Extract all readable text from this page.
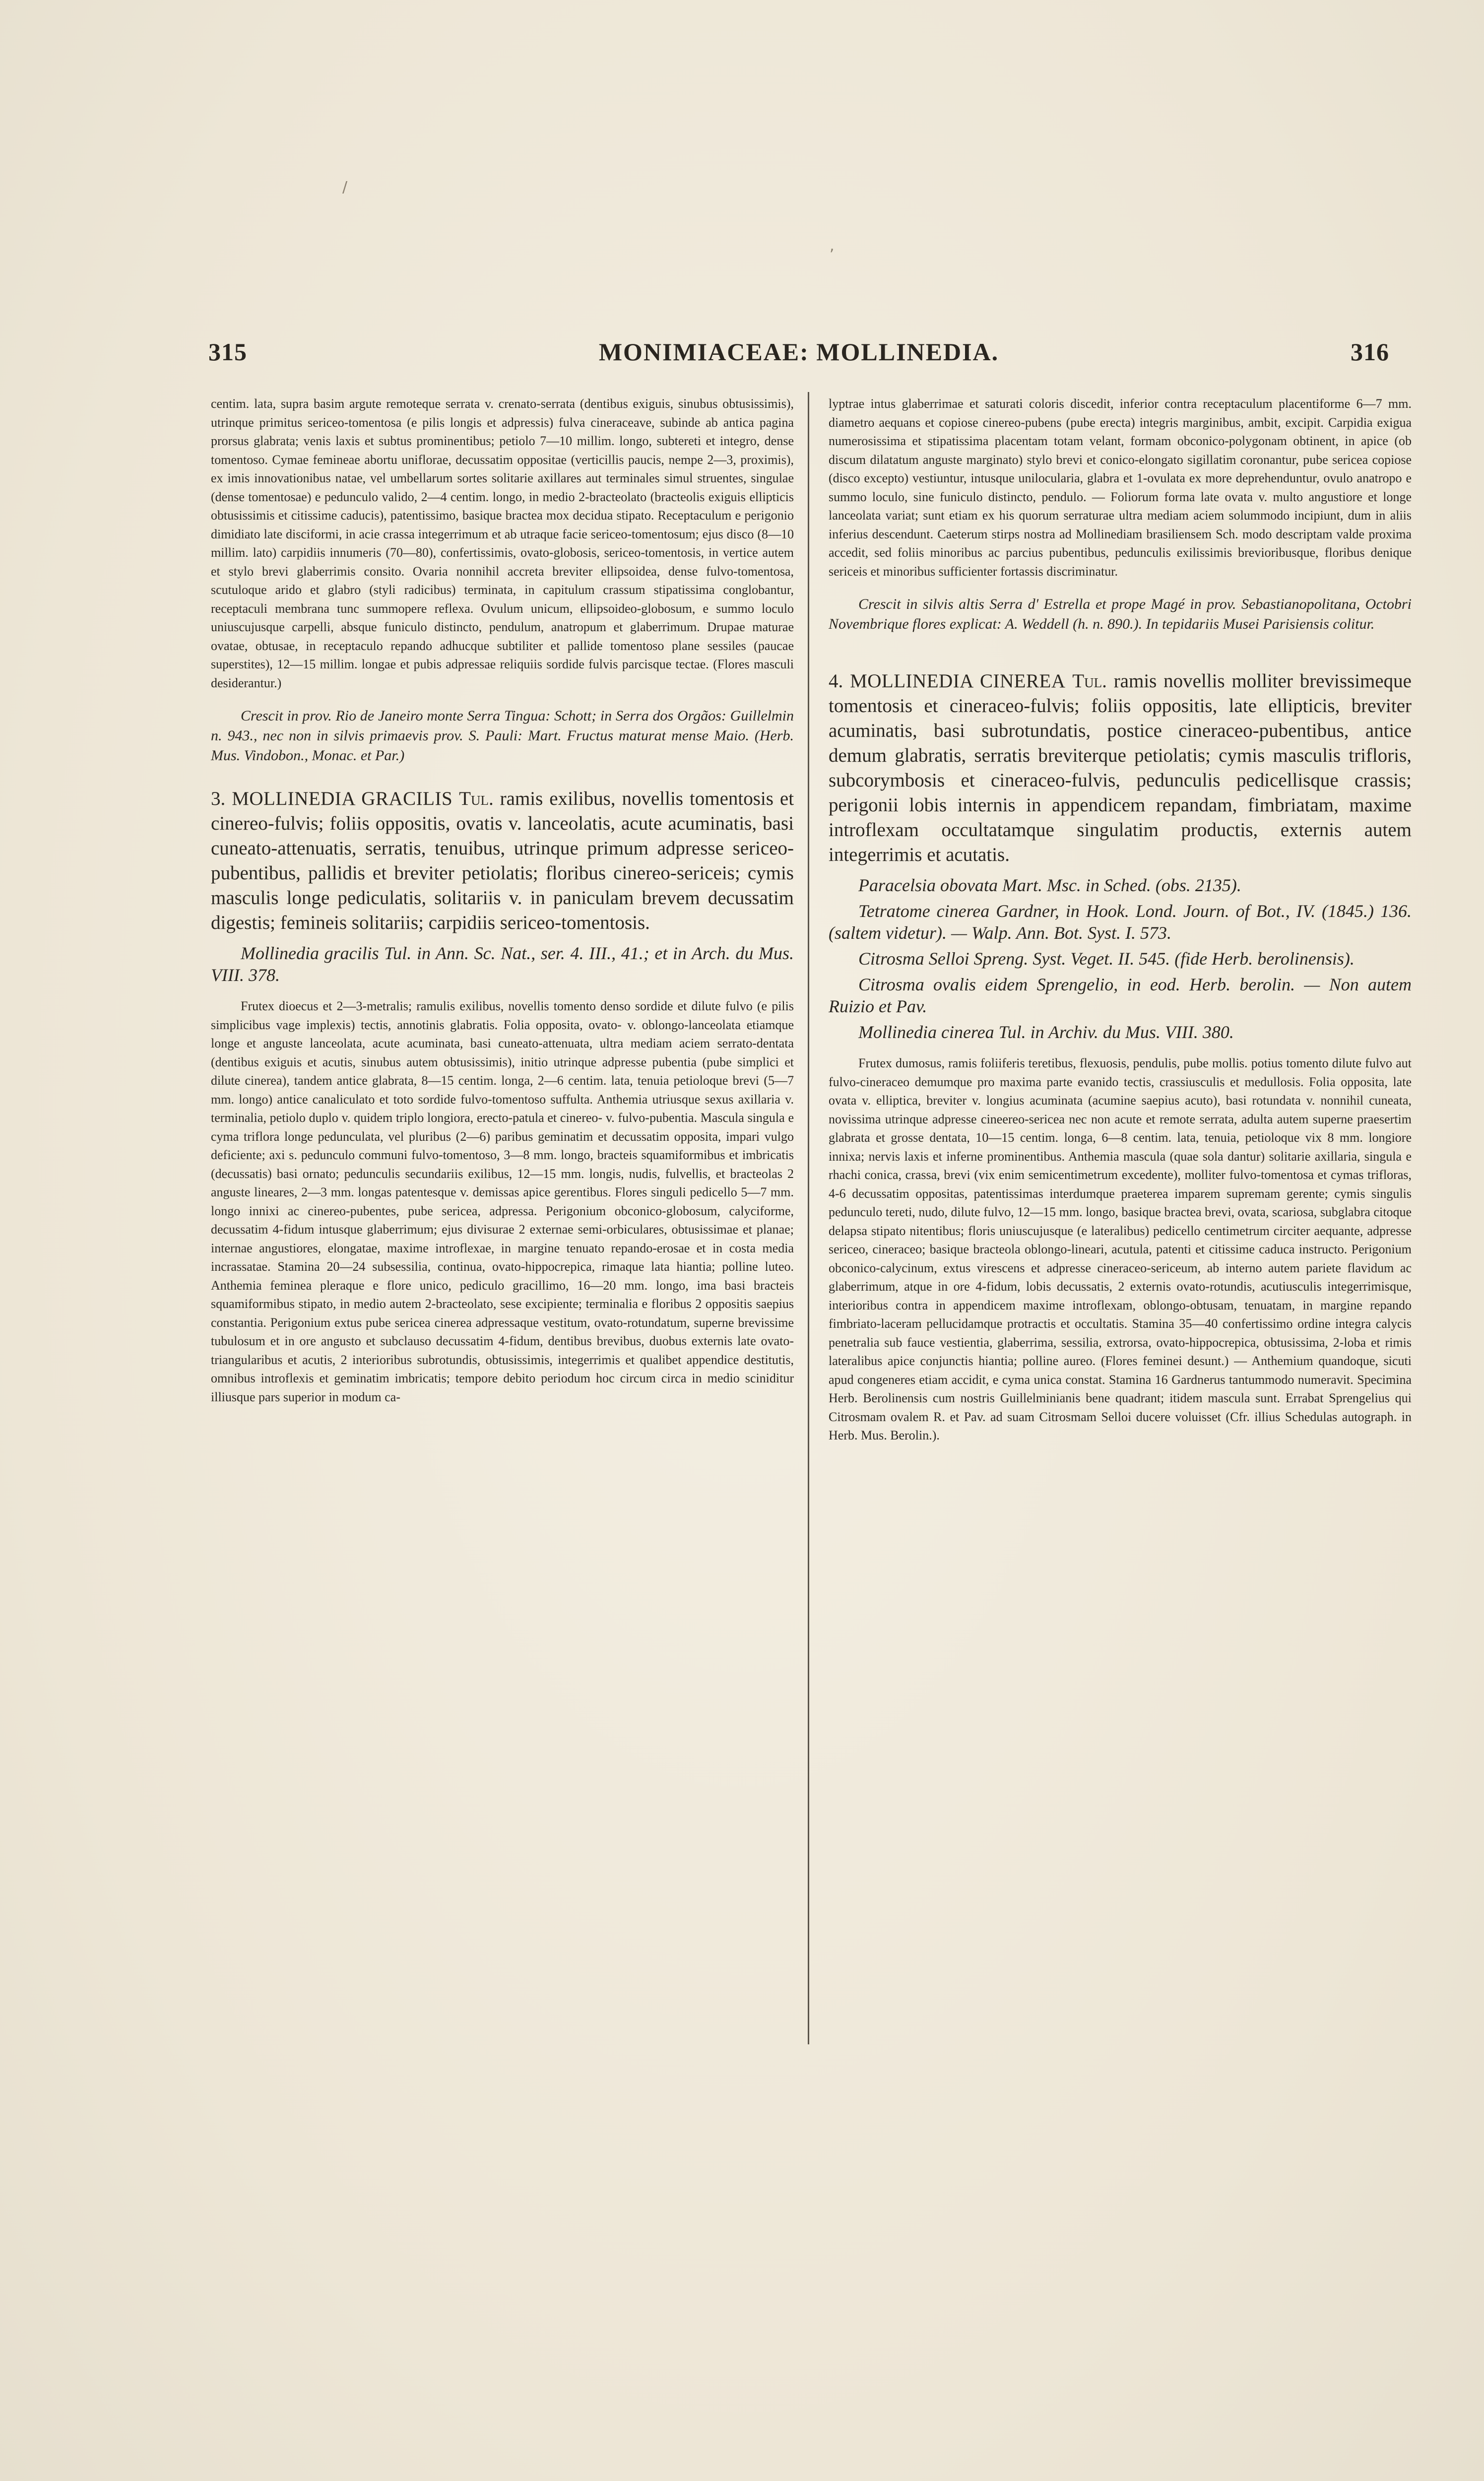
/
,
315	MONIMIACEAE: MOLLINEDIA.	316

centim. lata, supra basim argute remoteque serrata v. crenato-serrata (dentibus exiguis, sinubus obtusissimis), utrinque primitus sericeo-tomentosa (e pilis longis et adpressis) fulva cineraceave, subinde ab antica pagina prorsus glabrata; venis laxis et subtus prominentibus; petiolo 7—10 millim. longo, subtereti et integro, dense tomentoso. Cymae femineae abortu uniflorae, decussatim oppositae (verticillis paucis, nempe 2—3, proximis), ex imis innovationibus natae, vel umbellarum sortes solitarie axillares aut terminales simul struentes, singulae (dense tomentosae) e pedunculo valido, 2—4 centim. longo, in medio 2-bracteolato (bracteolis exiguis ellipticis obtusissimis et citissime caducis), patentissimo, basique bractea mox decidua stipato. Receptaculum e perigonio dimidiato late disciformi, in acie crassa integerrimum et ab utraque facie sericeo-tomentosum; ejus disco (8—10 millim. lato) carpidiis innumeris (70—80), confertissimis, ovato-globosis, sericeo-tomentosis, in vertice autem et stylo brevi glaberrimis consito. Ovaria nonnihil accreta breviter ellipsoidea, dense fulvo-tomentosa, scutuloque arido et glabro (styli radicibus) terminata, in capitulum crassum stipatissima conglobantur, receptaculi membrana tunc summopere reflexa. Ovulum unicum, ellipsoideo-globosum, e summo loculo uniuscujusque carpelli, absque funiculo distincto, pendulum, anatropum et glaberrimum. Drupae maturae ovatae, obtusae, in receptaculo repando adhucque subtiliter et pallide tomentoso plane sessiles (paucae superstites), 12—15 millim. longae et pubis adpressae reliquiis sordide fulvis parcisque tectae. (Flores masculi desiderantur.)

Crescit in prov. Rio de Janeiro monte Serra Tingua: Schott; in Serra dos Orgãos: Guillelmin n. 943., nec non in silvis primaevis prov. S. Pauli: Mart. Fructus maturat mense Maio. (Herb. Mus. Vindobon., Monac. et Par.)

3. MOLLINEDIA GRACILIS Tul. ramis exilibus, novellis tomentosis et cinereo-fulvis; foliis oppositis, ovatis v. lanceolatis, acute acuminatis, basi cuneato-attenuatis, serratis, tenuibus, utrinque primum adpresse sericeo-pubentibus, pallidis et breviter petiolatis; floribus cinereo-sericeis; cymis masculis longe pediculatis, solitariis v. in paniculam brevem decussatim digestis; femineis solitariis; carpidiis sericeo-tomentosis.

Mollinedia gracilis Tul. in Ann. Sc. Nat., ser. 4. III., 41.; et in Arch. du Mus. VIII. 378.

Frutex dioecus et 2—3-metralis; ramulis exilibus, novellis tomento denso sordide et dilute fulvo (e pilis simplicibus vage implexis) tectis, annotinis glabratis. Folia opposita, ovato- v. oblongo-lanceolata etiamque longe et anguste lanceolata, acute acuminata, basi cuneato-attenuata, ultra mediam aciem serrato-dentata (dentibus exiguis et acutis, sinubus autem obtusissimis), initio utrinque adpresse pubentia (pube simplici et dilute cinerea), tandem antice glabrata, 8—15 centim. longa, 2—6 centim. lata, tenuia petioloque brevi (5—7 mm. longo) antice canaliculato et toto sordide fulvo-tomentoso suffulta. Anthemia utriusque sexus axillaria v. terminalia, petiolo duplo v. quidem triplo longiora, erecto-patula et cinereo- v. fulvo-pubentia. Mascula singula e cyma triflora longe pedunculata, vel pluribus (2—6) paribus geminatim et decussatim opposita, impari vulgo deficiente; axi s. pedunculo communi fulvo-tomentoso, 3—8 mm. longo, bracteis squamiformibus et imbricatis (decussatis) basi ornato; pedunculis secundariis exilibus, 12—15 mm. longis, nudis, fulvellis, et bracteolas 2 anguste lineares, 2—3 mm. longas patentesque v. demissas apice gerentibus. Flores singuli pedicello 5—7 mm. longo innixi ac cinereo-pubentes, pube sericea, adpressa. Perigonium obconico-globosum, calyciforme, decussatim 4-fidum intusque glaberrimum; ejus divisurae 2 externae semi-orbiculares, obtusissimae et planae; internae angustiores, elongatae, maxime introflexae, in margine tenuato repando-erosae et in costa media incrassatae. Stamina 20—24 subsessilia, continua, ovato-hippocrepica, rimaque lata hiantia; polline luteo. Anthemia feminea pleraque e flore unico, pediculo gracillimo, 16—20 mm. longo, ima basi bracteis squamiformibus stipato, in medio autem 2-bracteolato, sese excipiente; terminalia e floribus 2 oppositis saepius constantia. Perigonium extus pube sericea cinerea adpressaque vestitum, ovato-rotundatum, superne brevissime tubulosum et in ore angusto et subclauso decussatim 4-fidum, dentibus brevibus, duobus externis late ovato-triangularibus et acutis, 2 interioribus subrotundis, obtusissimis, integerrimis et qualibet appendice destitutis, omnibus introflexis et geminatim imbricatis; tempore debito periodum hoc circum circa in medio sciniditur illiusque pars superior in modum ca-

lyptrae intus glaberrimae et saturati coloris discedit, inferior contra receptaculum placentiforme 6—7 mm. diametro aequans et copiose cinereo-pubens (pube erecta) integris marginibus, ambit, excipit. Carpidia exigua numerosissima et stipatissima placentam totam velant, formam obconico-polygonam obtinent, in apice (ob discum dilatatum anguste marginato) stylo brevi et conico-elongato sigillatim coronantur, pube sericea copiose (disco excepto) vestiuntur, intusque unilocularia, glabra et 1-ovulata ex more deprehenduntur, ovulo anatropo e summo loculo, sine funiculo distincto, pendulo. — Foliorum forma late ovata v. multo angustiore et longe lanceolata variat; sunt etiam ex his quorum serraturae ultra mediam aciem solummodo incipiunt, dum in aliis inferius descendunt. Caeterum stirps nostra ad Mollinediam brasiliensem Sch. modo descriptam valde proxima accedit, sed foliis minoribus ac parcius pubentibus, pedunculis exilissimis brevioribusque, floribus denique sericeis et minoribus sufficienter fortassis discriminatur.

Crescit in silvis altis Serra d' Estrella et prope Magé in prov. Sebastianopolitana, Octobri Novembrique flores explicat: A. Weddell (h. n. 890.). In tepidariis Musei Parisiensis colitur.

4. MOLLINEDIA CINEREA Tul. ramis novellis molliter brevissimeque tomentosis et cineraceo-fulvis; foliis oppositis, late ellipticis, breviter acuminatis, basi subrotundatis, postice cineraceo-pubentibus, antice demum glabratis, serratis breviterque petiolatis; cymis masculis trifloris, subcorymbosis et cineraceo-fulvis, pedunculis pedicellisque crassis; perigonii lobis internis in appendicem repandam, fimbriatam, maxime introflexam occultatamque singulatim productis, externis autem integerrimis et acutatis.

Paracelsia obovata Mart. Msc. in Sched. (obs. 2135).

Tetratome cinerea Gardner, in Hook. Lond. Journ. of Bot., IV. (1845.) 136. (saltem videtur). — Walp. Ann. Bot. Syst. I. 573.

Citrosma Selloi Spreng. Syst. Veget. II. 545. (fide Herb. berolinensis).

Citrosma ovalis eidem Sprengelio, in eod. Herb. berolin. — Non autem Ruizio et Pav.

Mollinedia cinerea Tul. in Archiv. du Mus. VIII. 380.

Frutex dumosus, ramis foliiferis teretibus, flexuosis, pendulis, pube mollis. potius tomento dilute fulvo aut fulvo-cineraceo demumque pro maxima parte evanido tectis, crassiusculis et medullosis. Folia opposita, late ovata v. elliptica, breviter v. longius acuminata (acumine saepius acuto), basi rotundata v. nonnihil cuneata, novissima utrinque adpresse cineereo-sericea nec non acute et remote serrata, adulta autem superne praesertim glabrata et grosse dentata, 10—15 centim. longa, 6—8 centim. lata, tenuia, petioloque vix 8 mm. longiore innixa; nervis laxis et inferne prominentibus. Anthemia mascula (quae sola dantur) solitarie axillaria, singula e rhachi conica, crassa, brevi (vix enim semicentimetrum excedente), molliter fulvo-tomentosa et cymas trifloras, 4-6 decussatim oppositas, patentissimas interdumque praeterea imparem supremam gerente; cymis singulis pedunculo tereti, nudo, dilute fulvo, 12—15 mm. longo, basique bractea brevi, ovata, scariosa, subglabra citoque delapsa stipato nitentibus; floris uniuscujusque (e lateralibus) pedicello centimetrum circiter aequante, adpresse sericeo, cineraceo; basique bracteola oblongo-lineari, acutula, patenti et citissime caduca instructo. Perigonium obconico-calycinum, extus virescens et adpresse cineraceo-sericeum, ab interno autem pariete flavidum ac glaberrimum, atque in ore 4-fidum, lobis decussatis, 2 externis ovato-rotundis, acutiusculis integerrimisque, interioribus contra in appendicem maxime introflexam, oblongo-obtusam, tenuatam, in margine repando fimbriato-laceram pellucidamque protractis et occultatis. Stamina 35—40 confertissimo ordine integra calycis penetralia sub fauce vestientia, glaberrima, sessilia, extrorsa, ovato-hippocrepica, obtusissima, 2-loba et rimis lateralibus apice conjunctis hiantia; polline aureo. (Flores feminei desunt.) — Anthemium quandoque, sicuti apud congeneres etiam accidit, e cyma unica constat. Stamina 16 Gardnerus tantummodo numeravit. Specimina Herb. Berolinensis cum nostris Guillelminianis bene quadrant; itidem mascula sunt. Errabat Sprengelius qui Citrosmam ovalem R. et Pav. ad suam Citrosmam Selloi ducere voluisset (Cfr. illius Schedulas autograph. in Herb. Mus. Berolin.).
